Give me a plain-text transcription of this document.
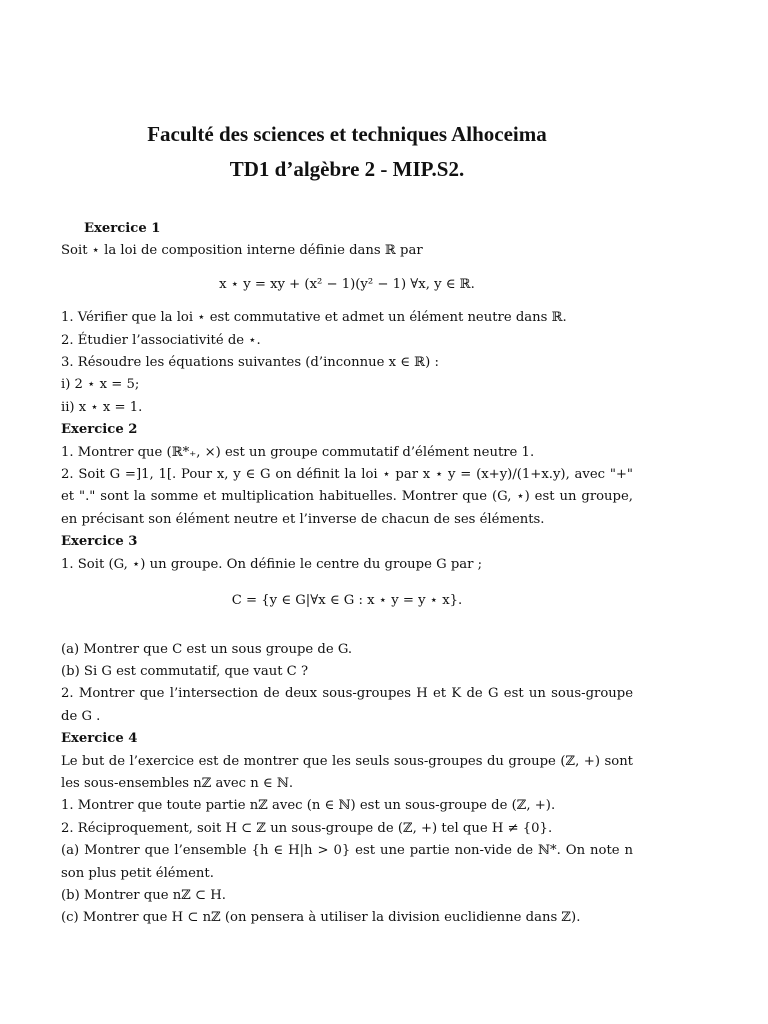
Faculté des sciences et techniques Alhoceima
TD1 d’algèbre 2 - MIP.S2.
Exercice 1
Soit ⋆ la loi de composition interne définie dans ℝ par
x ⋆ y = xy + (x² − 1)(y² − 1) ∀x, y ∈ ℝ.
1. Vérifier que la loi ⋆ est commutative et admet un élément neutre dans ℝ.
2. Étudier l’associativité de ⋆.
3. Résoudre les équations suivantes (d’inconnue x ∈ ℝ) :
i) 2 ⋆ x = 5;
ii) x ⋆ x = 1.
Exercice 2
1. Montrer que (ℝ*₊, ×) est un groupe commutatif d’élément neutre 1.
2. Soit G =]1, 1[. Pour x, y ∈ G on définit la loi ⋆ par x ⋆ y = (x+y)/(1+x.y), avec "+" et "." sont la somme et multiplication habituelles. Montrer que (G, ⋆) est un groupe, en précisant son élément neutre et l’inverse de chacun de ses éléments.
Exercice 3
1. Soit (G, ⋆) un groupe. On définie le centre du groupe G par ;
C = {y ∈ G|∀x ∈ G : x ⋆ y = y ⋆ x}.
(a) Montrer que C est un sous groupe de G.
(b) Si G est commutatif, que vaut C ?
2. Montrer que l’intersection de deux sous-groupes H et K de G est un sous-groupe de G .
Exercice 4
Le but de l’exercice est de montrer que les seuls sous-groupes du groupe (ℤ, +) sont les sous-ensembles nℤ avec n ∈ ℕ.
1. Montrer que toute partie nℤ avec (n ∈ ℕ) est un sous-groupe de (ℤ, +).
2. Réciproquement, soit H ⊂ ℤ un sous-groupe de (ℤ, +) tel que H ≠ {0}.
(a) Montrer que l’ensemble {h ∈ H|h > 0} est une partie non-vide de ℕ*. On note n son plus petit élément.
(b) Montrer que nℤ ⊂ H.
(c) Montrer que H ⊂ nℤ (on pensera à utiliser la division euclidienne dans ℤ).
